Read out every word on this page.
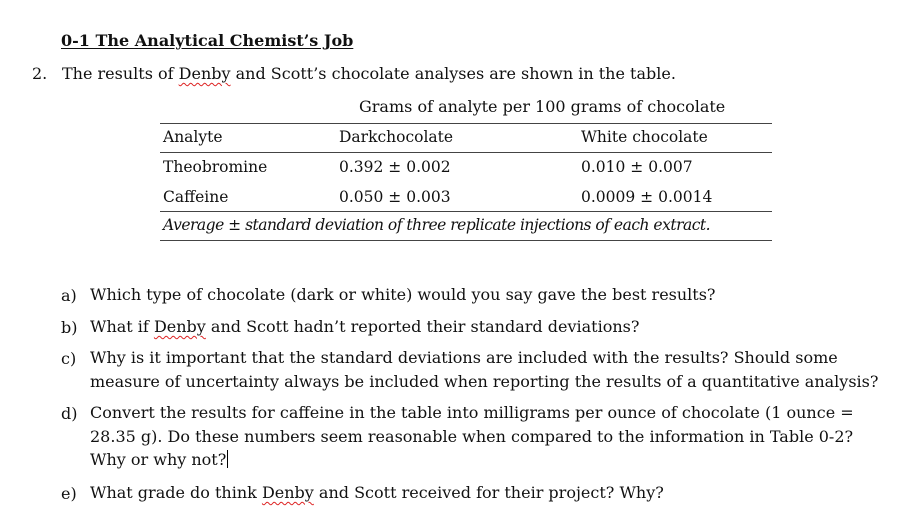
0-1 The Analytical Chemist’s Job
2. The results of Denby and Scott’s chocolate analyses are shown in the table.
Grams of analyte per 100 grams of chocolate
Analyte	Darkchocolate	White chocolate
Theobromine	0.392 ± 0.002	0.010 ± 0.007
Caffeine	0.050 ± 0.003	0.0009 ± 0.0014
Average ± standard deviation of three replicate injections of each extract.
a) Which type of chocolate (dark or white) would you say gave the best results?
b) What if Denby and Scott hadn’t reported their standard deviations?
c) Why is it important that the standard deviations are included with the results? Should some
measure of uncertainty always be included when reporting the results of a quantitative analysis?
d) Convert the results for caffeine in the table into milligrams per ounce of chocolate (1 ounce =
28.35 g). Do these numbers seem reasonable when compared to the information in Table 0-2?
Why or why not?
e) What grade do think Denby and Scott received for their project? Why?
